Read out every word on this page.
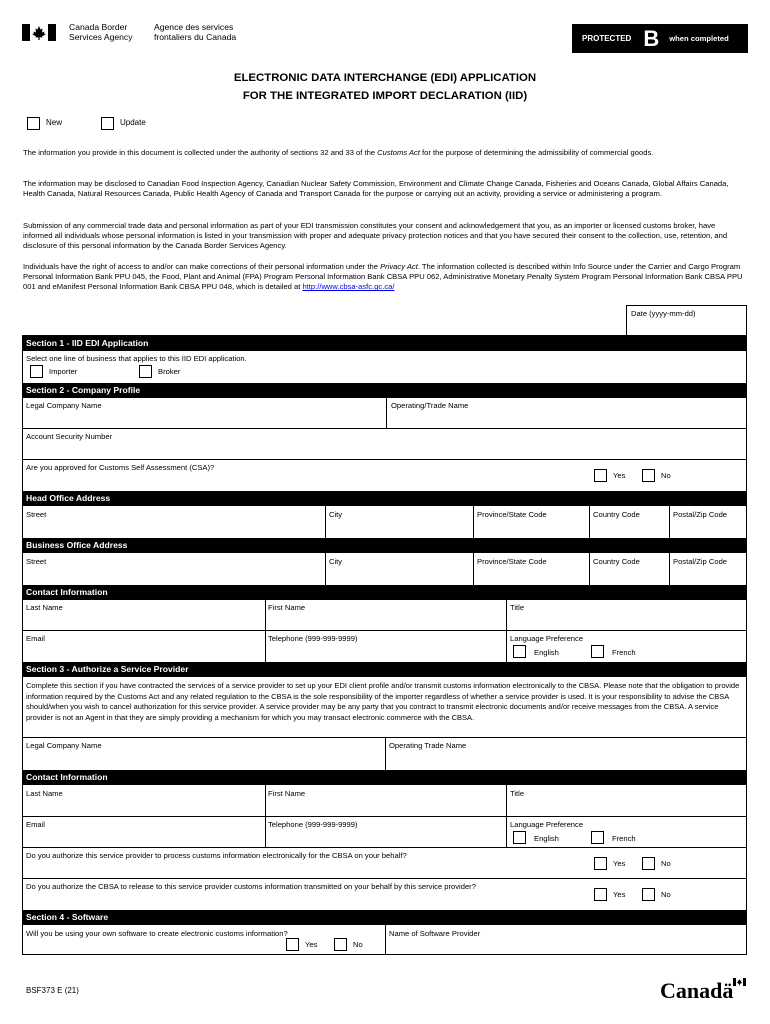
Canada Border
Services Agency
Agence des services
frontaliers du Canada	PROTECTED B when completed
ELECTRONIC DATA INTERCHANGE (EDI) APPLICATION
FOR THE INTEGRATED IMPORT DECLARATION (IID)
New	Update
The information you provide in this document is collected under the authority of sections 32 and 33 of the Customs Act for the purpose of determining the admissibility of commercial goods.
The information may be disclosed to Canadian Food Inspection Agency, Canadian Nuclear Safety Commission, Environment and Climate Change Canada, Fisheries and Oceans Canada, Global Affairs Canada, Health Canada, Natural Resources Canada, Public Health Agency of Canada and Transport Canada for the purpose or carrying out an activity, providing a service or administering a program.
Submission of any commercial trade data and personal information as part of your EDI transmission constitutes your consent and acknowledgement that you, as an importer or licensed customs broker, have informed all individuals whose personal information is listed in your transmission with proper and adequate privacy protection notices and that you have secured their consent to the collection, use, retention, and disclosure of this personal information by the Canada Border Services Agency.
Individuals have the right of access to and/or can make corrections of their personal information under the Privacy Act. The information collected is described within Info Source under the Carrier and Cargo Program Personal Information Bank PPU 045, the Food, Plant and Animal (FPA) Program Personal Information Bank CBSA PPU 062, Administrative Monetary Penalty System Program Personal Information Bank CBSA PPU 001 and eManifest Personal Information Bank CBSA PPU 048, which is detailed at http://www.cbsa-asfc.gc.ca/
Date (yyyy-mm-dd)
Section 1 - IID EDI Application
Select one line of business that applies to this IID EDI application.
Importer	Broker
Section 2 - Company Profile
Legal Company Name	Operating/Trade Name
Account Security Number
Are you approved for Customs Self Assessment (CSA)?
Yes	No
Head Office Address
Street	City	Province/State Code	Country Code	Postal/Zip Code
Business Office Address
Street	City	Province/State Code	Country Code	Postal/Zip Code
Contact Information
Last Name	First Name	Title
Email	Telephone (999-999-9999)	Language Preference
English	French
Section 3 - Authorize a Service Provider
Complete this section if you have contracted the services of a service provider to set up your EDI client profile and/or transmit customs information electronically to the CBSA. Please note that the obligation to provide information required by the Customs Act and any related regulation to the CBSA is the sole responsibility of the importer regardless of whether a service provider is used. It is your responsibility to advise the CBSA should/when you wish to cancel authorization for this service provider. A service provider may be any party that you contract to transmit electronic documents and/or receive messages from the CBSA. A service provider is not an Agent in that they are simply providing a mechanism for which you may transact electronic commerce with the CBSA.
Legal Company Name	Operating Trade Name
Contact Information
Last Name	First Name	Title
Email	Telephone (999-999-9999)	Language Preference
English	French
Do you authorize this service provider to process customs information electronically for the CBSA on your behalf?
Yes	No
Do you authorize the CBSA to release to this service provider customs information transmitted on your behalf by this service provider?
Yes	No
Section 4 - Software
Will you be using your own software to create electronic customs information?	Name of Software Provider
Yes	No
BSF373 E (21)	Canadä
